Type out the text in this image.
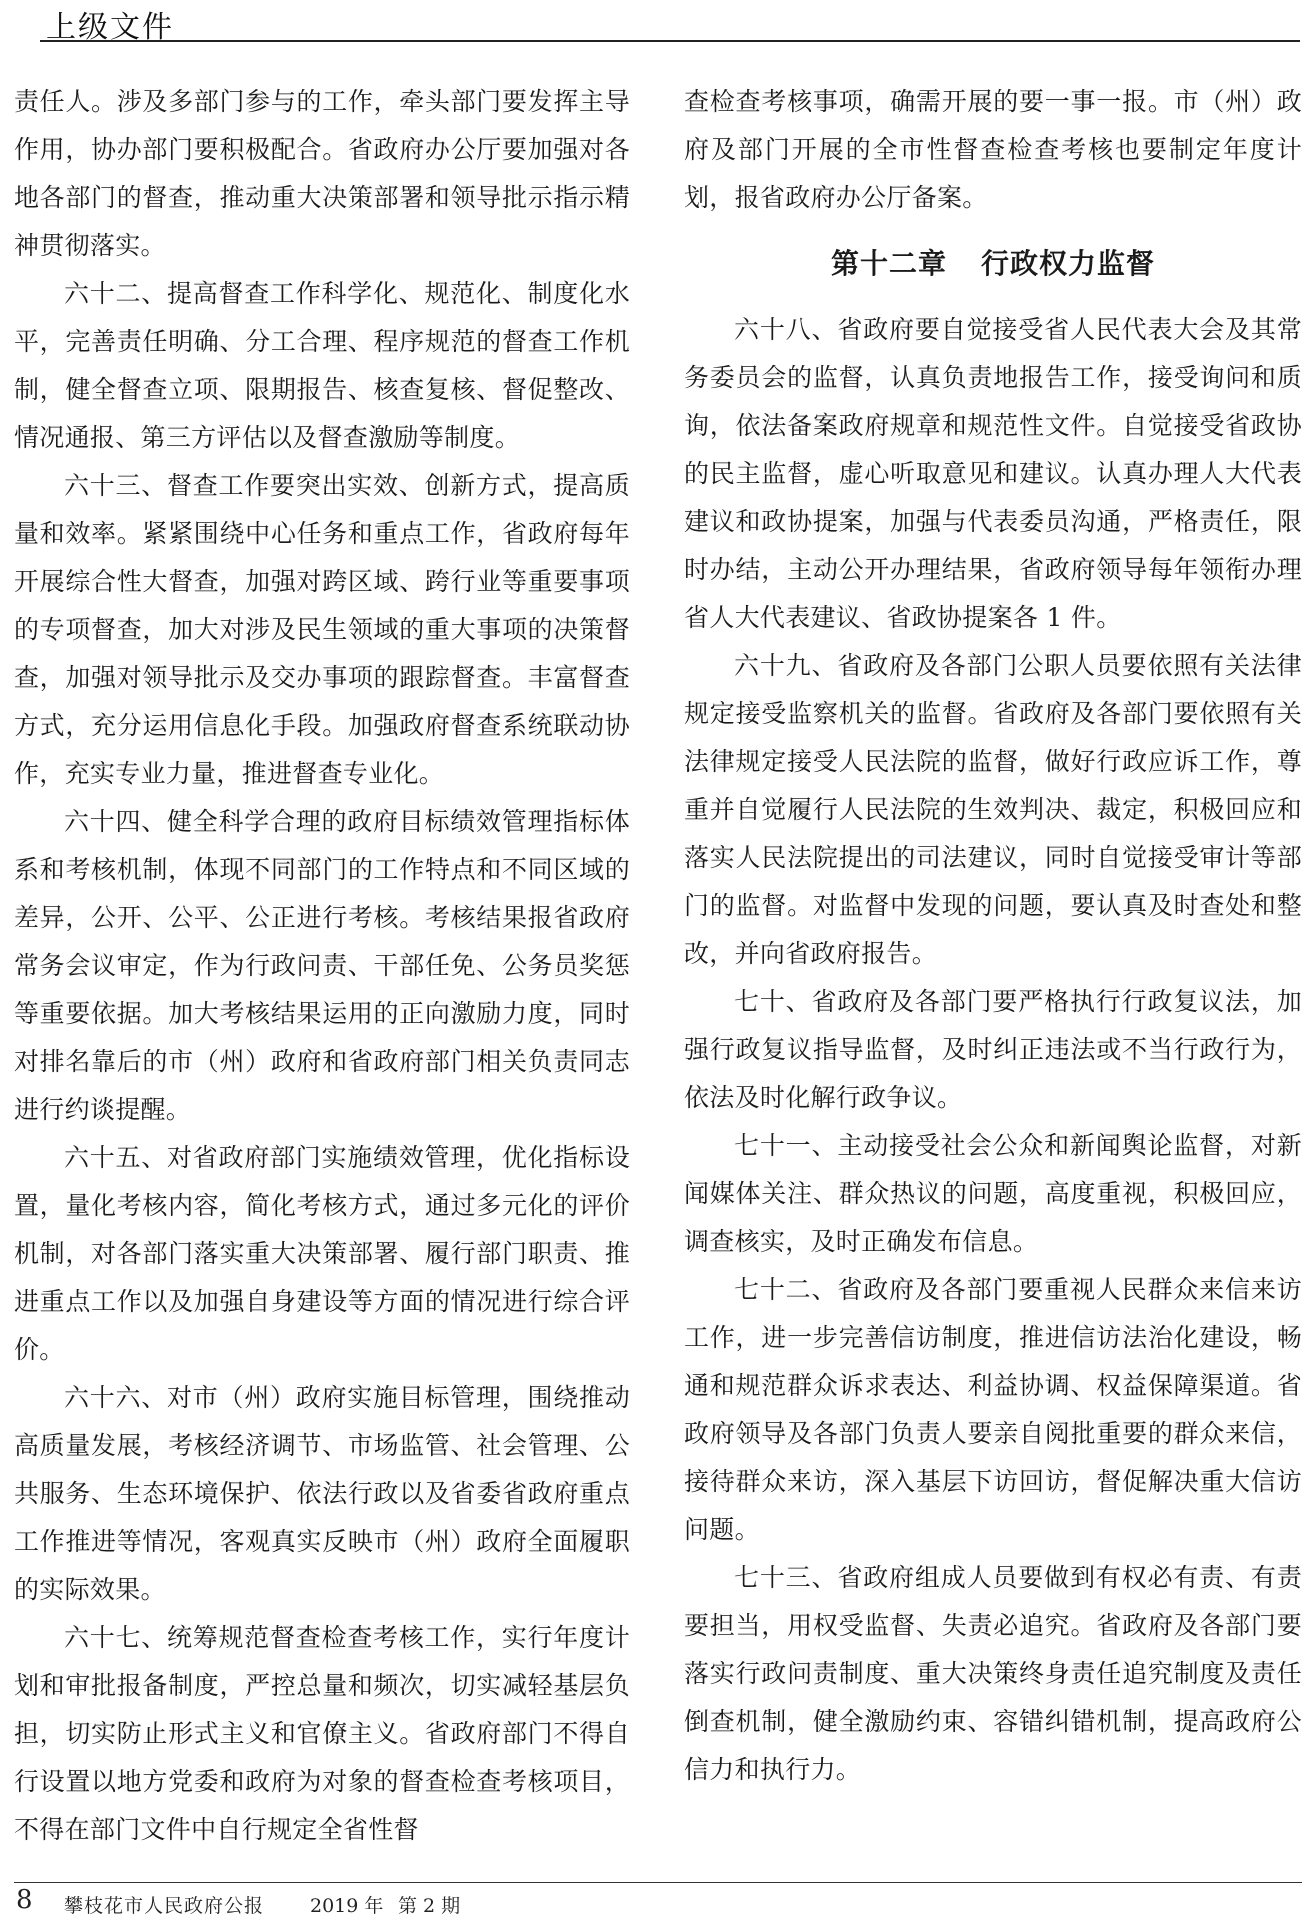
上级文件

责任人。涉及多部门参与的工作，牵头部门要发挥主导作用，协办部门要积极配合。省政府办公厅要加强对各地各部门的督查，推动重大决策部署和领导批示指示精神贯彻落实。

六十二、提高督查工作科学化、规范化、制度化水平，完善责任明确、分工合理、程序规范的督查工作机制，健全督查立项、限期报告、核查复核、督促整改、情况通报、第三方评估以及督查激励等制度。

六十三、督查工作要突出实效、创新方式，提高质量和效率。紧紧围绕中心任务和重点工作，省政府每年开展综合性大督查，加强对跨区域、跨行业等重要事项的专项督查，加大对涉及民生领域的重大事项的决策督查，加强对领导批示及交办事项的跟踪督查。丰富督查方式，充分运用信息化手段。加强政府督查系统联动协作，充实专业力量，推进督查专业化。

六十四、健全科学合理的政府目标绩效管理指标体系和考核机制，体现不同部门的工作特点和不同区域的差异，公开、公平、公正进行考核。考核结果报省政府常务会议审定，作为行政问责、干部任免、公务员奖惩等重要依据。加大考核结果运用的正向激励力度，同时对排名靠后的市（州）政府和省政府部门相关负责同志进行约谈提醒。

六十五、对省政府部门实施绩效管理，优化指标设置，量化考核内容，简化考核方式，通过多元化的评价机制，对各部门落实重大决策部署、履行部门职责、推进重点工作以及加强自身建设等方面的情况进行综合评价。

六十六、对市（州）政府实施目标管理，围绕推动高质量发展，考核经济调节、市场监管、社会管理、公共服务、生态环境保护、依法行政以及省委省政府重点工作推进等情况，客观真实反映市（州）政府全面履职的实际效果。

六十七、统筹规范督查检查考核工作，实行年度计划和审批报备制度，严控总量和频次，切实减轻基层负担，切实防止形式主义和官僚主义。省政府部门不得自行设置以地方党委和政府为对象的督查检查考核项目，不得在部门文件中自行规定全省性督

查检查考核事项，确需开展的要一事一报。市（州）政府及部门开展的全市性督查检查考核也要制定年度计划，报省政府办公厅备案。

第十二章 行政权力监督

六十八、省政府要自觉接受省人民代表大会及其常务委员会的监督，认真负责地报告工作，接受询问和质询，依法备案政府规章和规范性文件。自觉接受省政协的民主监督，虚心听取意见和建议。认真办理人大代表建议和政协提案，加强与代表委员沟通，严格责任，限时办结，主动公开办理结果，省政府领导每年领衔办理省人大代表建议、省政协提案各 1 件。

六十九、省政府及各部门公职人员要依照有关法律规定接受监察机关的监督。省政府及各部门要依照有关法律规定接受人民法院的监督，做好行政应诉工作，尊重并自觉履行人民法院的生效判决、裁定，积极回应和落实人民法院提出的司法建议，同时自觉接受审计等部门的监督。对监督中发现的问题，要认真及时查处和整改，并向省政府报告。

七十、省政府及各部门要严格执行行政复议法，加强行政复议指导监督，及时纠正违法或不当行政行为，依法及时化解行政争议。

七十一、主动接受社会公众和新闻舆论监督，对新闻媒体关注、群众热议的问题，高度重视，积极回应，调查核实，及时正确发布信息。

七十二、省政府及各部门要重视人民群众来信来访工作，进一步完善信访制度，推进信访法治化建设，畅通和规范群众诉求表达、利益协调、权益保障渠道。省政府领导及各部门负责人要亲自阅批重要的群众来信，接待群众来访，深入基层下访回访，督促解决重大信访问题。

七十三、省政府组成人员要做到有权必有责、有责要担当，用权受监督、失责必追究。省政府及各部门要落实行政问责制度、重大决策终身责任追究制度及责任倒查机制，健全激励约束、容错纠错机制，提高政府公信力和执行力。

8 攀枝花市人民政府公报 2019 年 第 2 期
